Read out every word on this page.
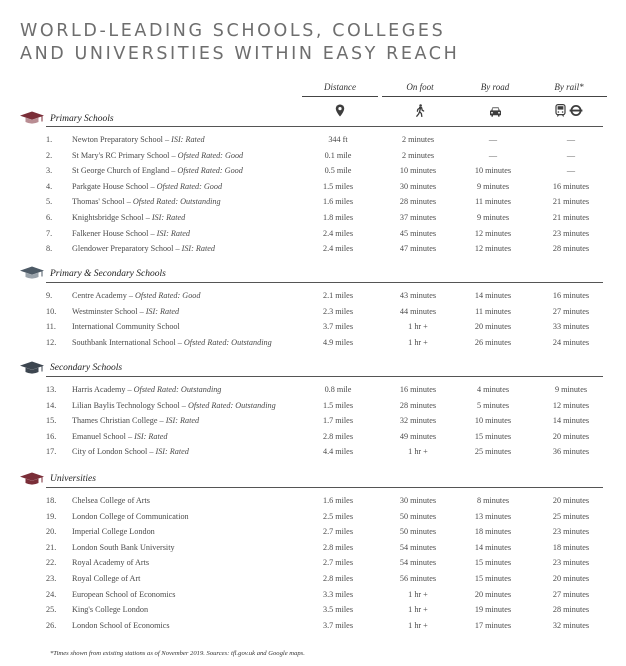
WORLD-LEADING SCHOOLS, COLLEGES
AND UNIVERSITIES WITHIN EASY REACH
Distance	On foot	By road	By rail*
Primary Schools
Primary & Secondary Schools
Secondary Schools
Universities
1.	Newton Preparatory School – ISI: Rated	344 ft	2 minutes	—	—
2.	St Mary's RC Primary School – Ofsted Rated: Good	0.1 mile	2 minutes	—	—
3.	St George Church of England – Ofsted Rated: Good	0.5 mile	10 minutes	10 minutes	—
4.	Parkgate House School – Ofsted Rated: Good	1.5 miles	30 minutes	9 minutes	16 minutes
5.	Thomas' School – Ofsted Rated: Outstanding	1.6 miles	28 minutes	11 minutes	21 minutes
6.	Knightsbridge School – ISI: Rated	1.8 miles	37 minutes	9 minutes	21 minutes
7.	Falkener House School – ISI: Rated	2.4 miles	45 minutes	12 minutes	23 minutes
8.	Glendower Preparatory School – ISI: Rated	2.4 miles	47 minutes	12 minutes	28 minutes
9.	Centre Academy – Ofsted Rated: Good	2.1 miles	43 minutes	14 minutes	16 minutes
10.	Westminster School – ISI: Rated	2.3 miles	44 minutes	11 minutes	27 minutes
11.	International Community School	3.7 miles	1 hr +	20 minutes	33 minutes
12.	Southbank International School – Ofsted Rated: Outstanding	4.9 miles	1 hr +	26 minutes	24 minutes
13.	Harris Academy – Ofsted Rated: Outstanding	0.8 mile	16 minutes	4 minutes	9 minutes
14.	Lilian Baylis Technology School – Ofsted Rated: Outstanding	1.5 miles	28 minutes	5 minutes	12 minutes
15.	Thames Christian College – ISI: Rated	1.7 miles	32 minutes	10 minutes	14 minutes
16.	Emanuel School – ISI: Rated	2.8 miles	49 minutes	15 minutes	20 minutes
17.	City of London School – ISI: Rated	4.4 miles	1 hr +	25 minutes	36 minutes
18.	Chelsea College of Arts	1.6 miles	30 minutes	8 minutes	20 minutes
19.	London College of Communication	2.5 miles	50 minutes	13 minutes	25 minutes
20.	Imperial College London	2.7 miles	50 minutes	18 minutes	23 minutes
21.	London South Bank University	2.8 miles	54 minutes	14 minutes	18 minutes
22.	Royal Academy of Arts	2.7 miles	54 minutes	15 minutes	23 minutes
23.	Royal College of Art	2.8 miles	56 minutes	15 minutes	20 minutes
24.	European School of Economics	3.3 miles	1 hr +	20 minutes	27 minutes
25.	King's College London	3.5 miles	1 hr +	19 minutes	28 minutes
26.	London School of Economics	3.7 miles	1 hr +	17 minutes	32 minutes
*Times shown from existing stations as of November 2019. Sources: tfl.gov.uk and Google maps.
